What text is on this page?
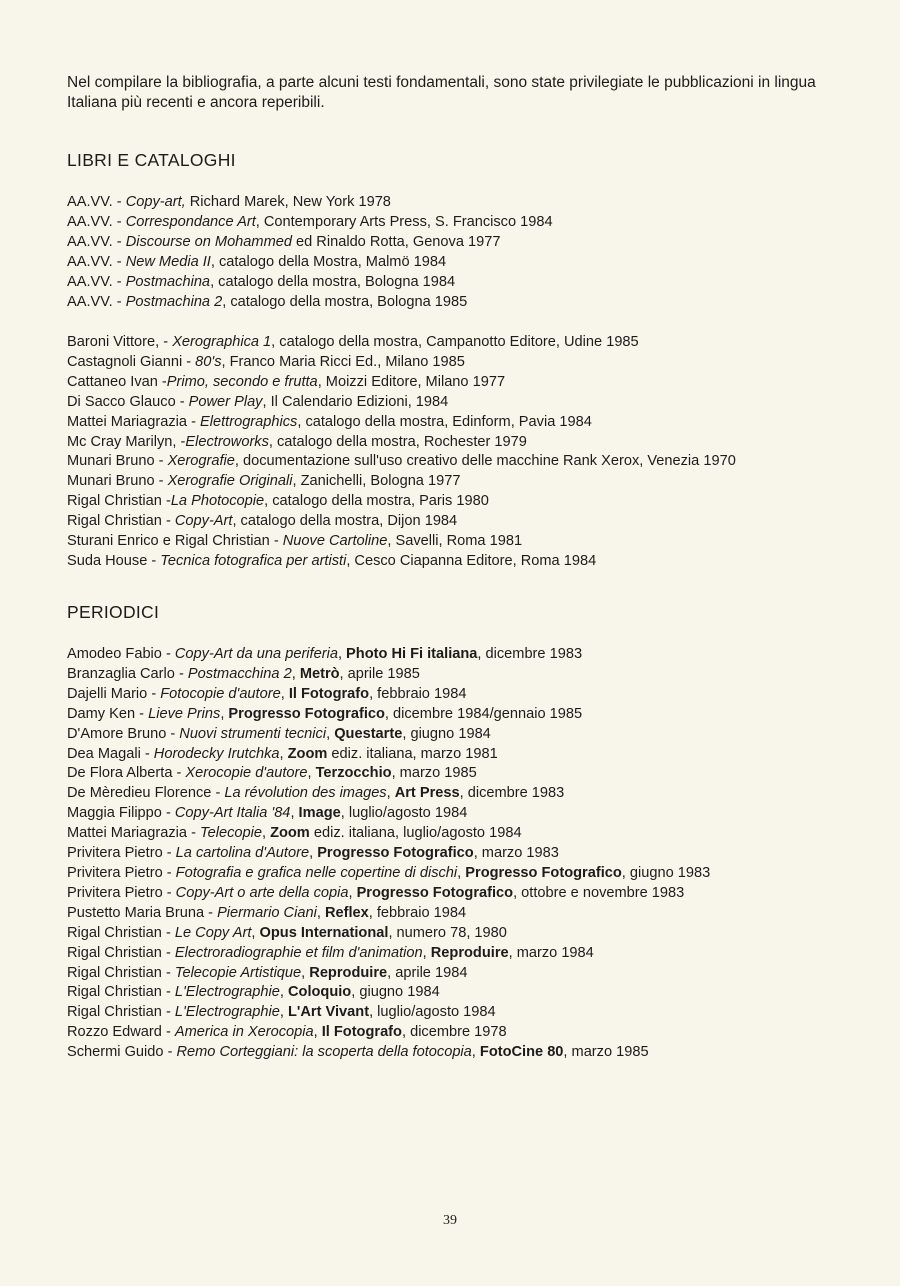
Nel compilare la bibliografia, a parte alcuni testi fondamentali, sono state privilegiate le pubblicazioni in lingua Italiana più recenti e ancora reperibili.

LIBRI E CATALOGHI
AA.VV. - Copy-art, Richard Marek, New York 1978
AA.VV. - Correspondance Art, Contemporary Arts Press, S. Francisco 1984
AA.VV. - Discourse on Mohammed ed Rinaldo Rotta, Genova 1977
AA.VV. - New Media II, catalogo della Mostra, Malmö 1984
AA.VV. - Postmachina, catalogo della mostra, Bologna 1984
AA.VV. - Postmachina 2, catalogo della mostra, Bologna 1985
Baroni Vittore, - Xerographica 1, catalogo della mostra, Campanotto Editore, Udine 1985
Castagnoli Gianni - 80's, Franco Maria Ricci Ed., Milano 1985
Cattaneo Ivan -Primo, secondo e frutta, Moizzi Editore, Milano 1977
Di Sacco Glauco - Power Play, Il Calendario Edizioni, 1984
Mattei Mariagrazia - Elettrographics, catalogo della mostra, Edinform, Pavia 1984
Mc Cray Marilyn, -Electroworks, catalogo della mostra, Rochester 1979
Munari Bruno - Xerografie, documentazione sull'uso creativo delle macchine Rank Xerox, Venezia 1970
Munari Bruno - Xerografie Originali, Zanichelli, Bologna 1977
Rigal Christian -La Photocopie, catalogo della mostra, Paris 1980
Rigal Christian - Copy-Art, catalogo della mostra, Dijon 1984
Sturani Enrico e Rigal Christian - Nuove Cartoline, Savelli, Roma 1981
Suda House - Tecnica fotografica per artisti, Cesco Ciapanna Editore, Roma 1984
PERIODICI
Amodeo Fabio - Copy-Art da una periferia, Photo Hi Fi italiana, dicembre 1983
Branzaglia Carlo - Postmacchina 2, Metrò, aprile 1985
Dajelli Mario - Fotocopie d'autore, Il Fotografo, febbraio 1984
Damy Ken - Lieve Prins, Progresso Fotografico, dicembre 1984/gennaio 1985
D'Amore Bruno - Nuovi strumenti tecnici, Questarte, giugno 1984
Dea Magali - Horodecky Irutchka, Zoom ediz. italiana, marzo 1981
De Flora Alberta - Xerocopie d'autore, Terzocchio, marzo 1985
De Mèredieu Florence - La révolution des images, Art Press, dicembre 1983
Maggia Filippo - Copy-Art Italia '84, Image, luglio/agosto 1984
Mattei Mariagrazia - Telecopie, Zoom ediz. italiana, luglio/agosto 1984
Privitera Pietro - La cartolina d'Autore, Progresso Fotografico, marzo 1983
Privitera Pietro - Fotografia e grafica nelle copertine di dischi, Progresso Fotografico, giugno 1983
Privitera Pietro - Copy-Art o arte della copia, Progresso Fotografico, ottobre e novembre 1983
Pustetto Maria Bruna - Piermario Ciani, Reflex, febbraio 1984
Rigal Christian - Le Copy Art, Opus International, numero 78, 1980
Rigal Christian - Electroradiographie et film d'animation, Reproduire, marzo 1984
Rigal Christian - Telecopie Artistique, Reproduire, aprile 1984
Rigal Christian - L'Electrographie, Coloquio, giugno 1984
Rigal Christian - L'Electrographie, L'Art Vivant, luglio/agosto 1984
Rozzo Edward - America in Xerocopia, Il Fotografo, dicembre 1978
Schermi Guido - Remo Corteggiani: la scoperta della fotocopia, FotoCine 80, marzo 1985
39
